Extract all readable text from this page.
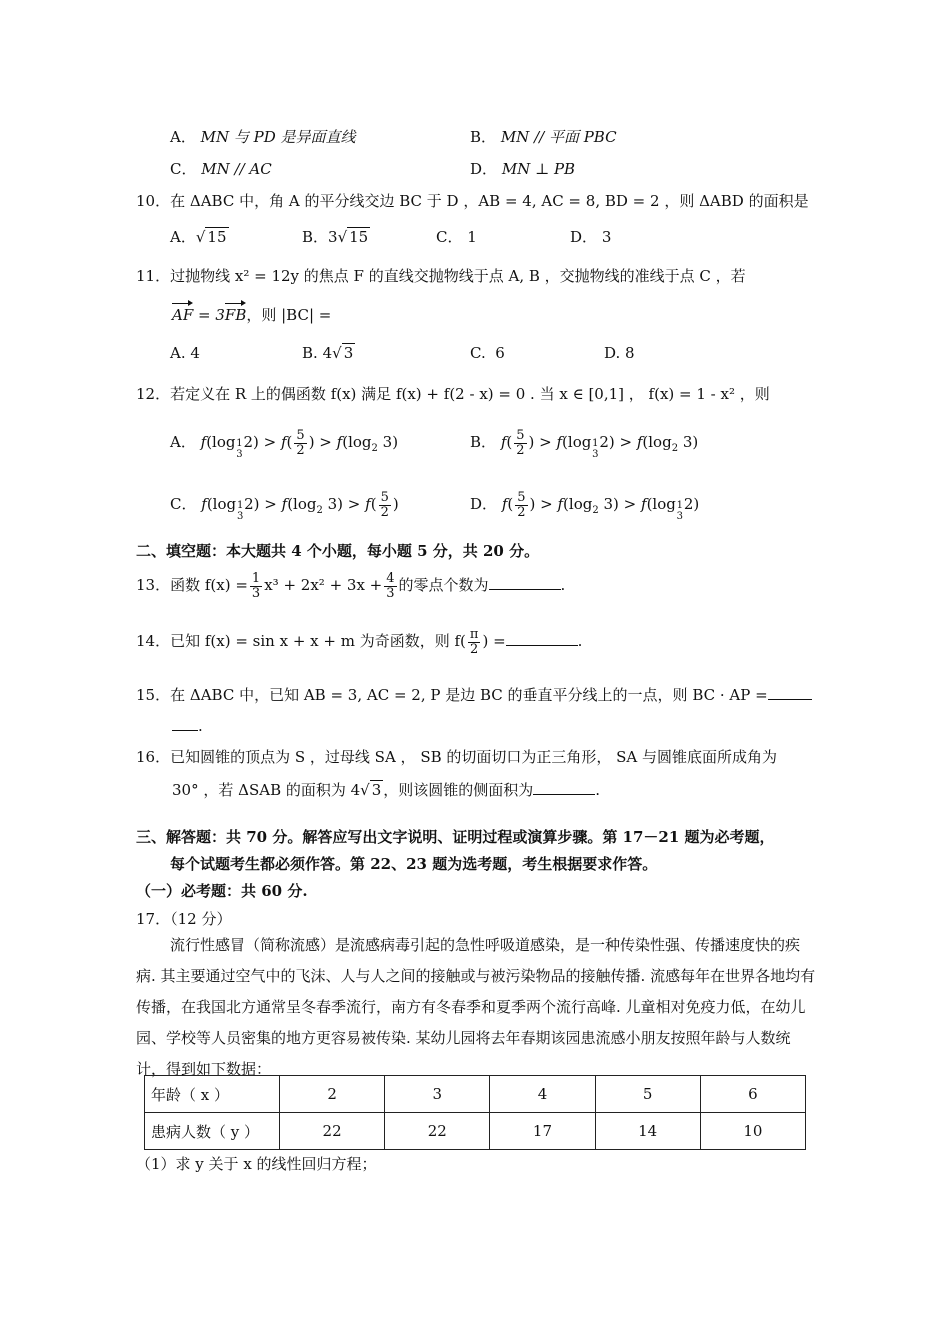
A． MN 与 PD 是异面直线	B． MN // 平面 PBC
C． MN // AC	D． MN ⊥ PB
10．在 ΔABC 中，角 A 的平分线交边 BC 于 D ，AB = 4, AC = 8, BD = 2 ，则 ΔABD 的面积是
A．√ 15	B．3√ 15	C． 1	D． 3
11．过抛物线 x² = 12y 的焦点 F 的直线交抛物线于点 A, B ，交抛物线的准线于点 C ，若
AF = 3FB，则 |BC| =
A. 4	B. 4√ 3	C. 6	D. 8
12．若定义在 R 上的偶函数 f(x) 满足 f(x) + f(2 - x) = 0 . 当 x ∈ [0,1] ， f(x) = 1 - x² ，则
A． f(log1
$32) > f( \frac{5}{2}$ ) > $f(\log_2$ 3)	B． $f( \frac{5}{2}$ ) > f(log1
$32) > f(\log_2$ 3)
C． f(log1
$32) > f(\log_2$ $3) > f( \frac{5}{2}$ )	D． $f( \frac{5}{2}$ ) > $f(\log_2$ 3) > f(log1
32)
二、填空题：本大题共 4 个小题，每小题 5 分，共 20 分。
13．函数 $f(x) = \frac{1}{3} x^3 + 2x^2 + 3x + \frac{4}{3}$ 的零点个数为	.
14．已知 f(x) = sin x + x + m 为奇函数，则 $f( \frac{\pi}{2}$ ) =	.
15．在 ΔABC 中，已知 AB = 3, AC = 2, P 是边 BC 的垂直平分线上的一点，则 BC · AP =
.
16．已知圆锥的顶点为 S ，过母线 SA ， SB 的切面切口为正三角形， SA 与圆锥底面所成角为
30° ，若 ΔSAB 的面积为 4√ 3 ，则该圆锥的侧面积为	.
三、解答题：共 70 分。解答应写出文字说明、证明过程或演算步骤。第 17－21 题为必考题，
每个试题考生都必须作答。第 22、23 题为选考题，考生根据要求作答。
（一）必考题：共 60 分.
17．（12 分）
流行性感冒（简称流感）是流感病毒引起的急性呼吸道感染，是一种传染性强、传播速度快的疾病. 其主要通过空气中的飞沫、人与人之间的接触或与被污染物品的接触传播. 流感每年在世界各地均有传播，在我国北方通常呈冬春季流行，南方有冬春季和夏季两个流行高峰. 儿童相对免疫力低，在幼儿园、学校等人员密集的地方更容易被传染. 某幼儿园将去年春期该园患流感小朋友按照年龄与人数统计，得到如下数据：
年龄（ x ）	2	3	4	5	6
患病人数（ y ）	22	22	17	14	10
（1）求 y 关于 x 的线性回归方程；
